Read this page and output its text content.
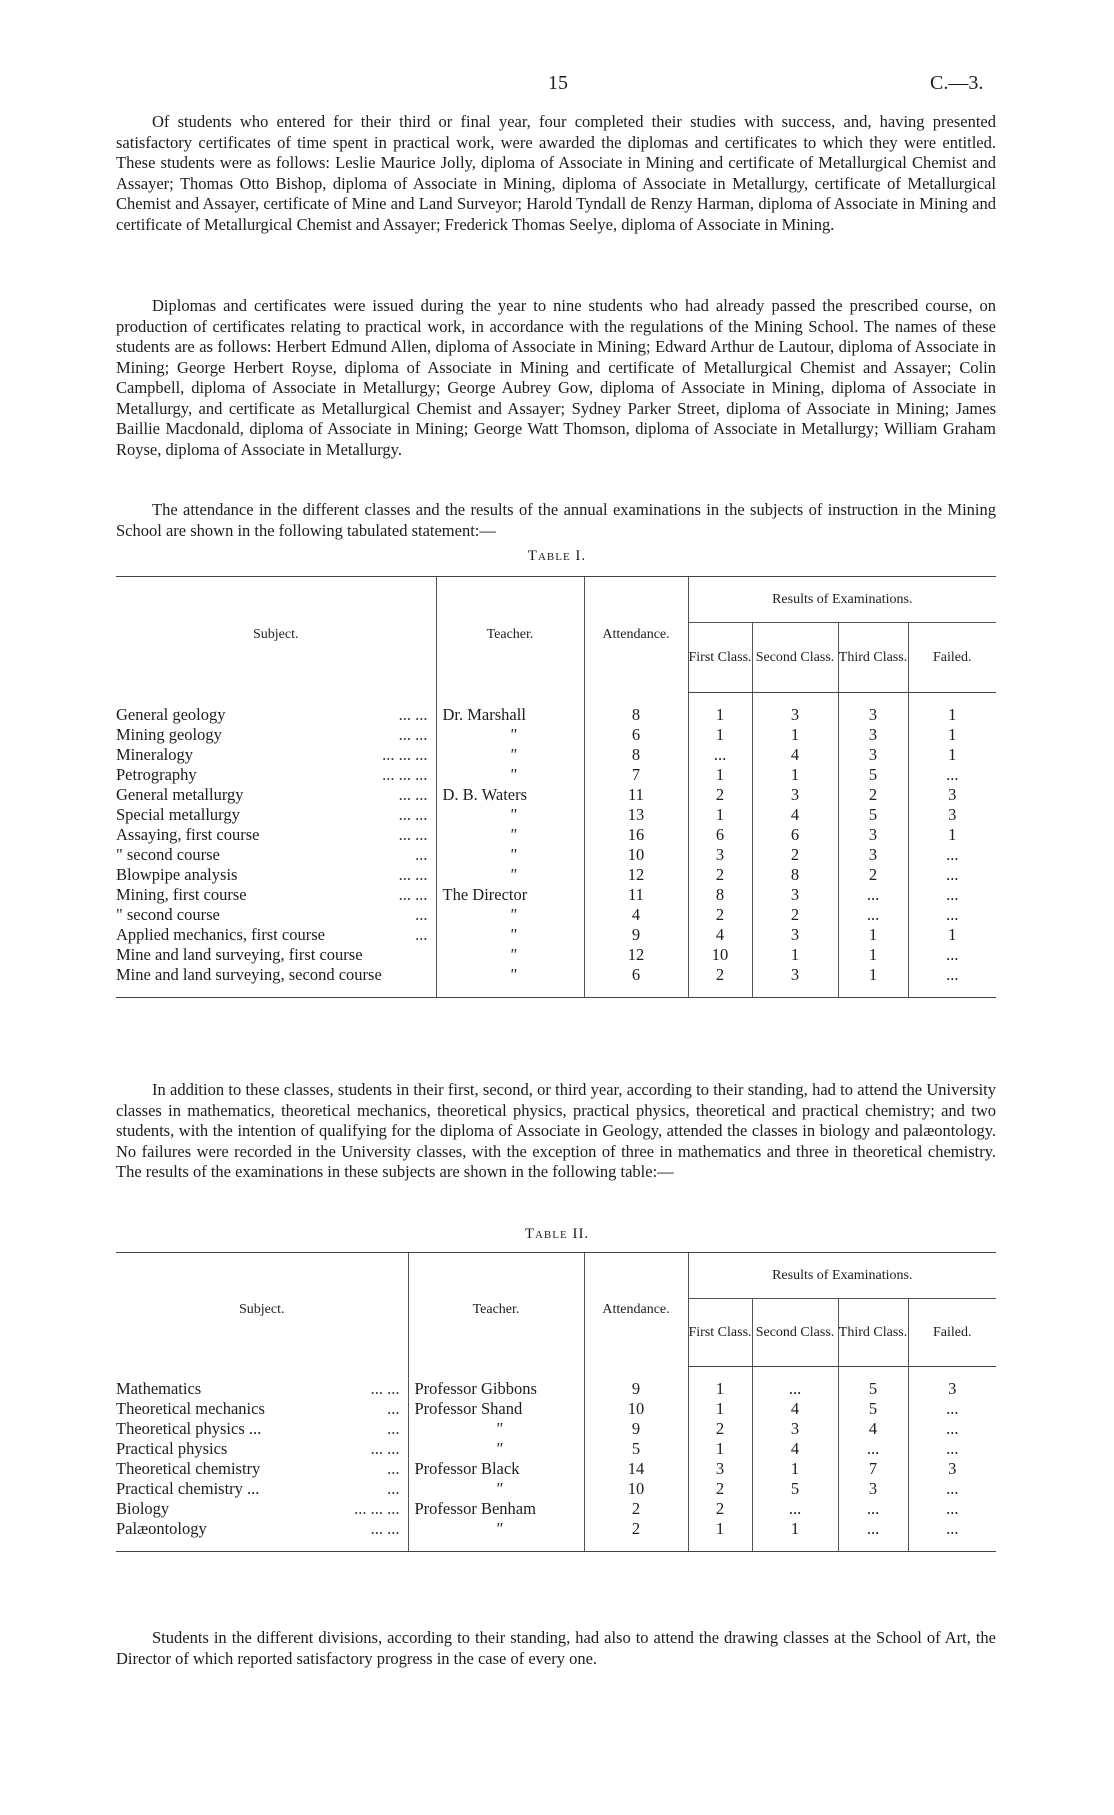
15	C.—3.

Of students who entered for their third or final year, four completed their studies with success, and, having presented satisfactory certificates of time spent in practical work, were awarded the diplomas and certificates to which they were entitled. These students were as follows: Leslie Maurice Jolly, diploma of Associate in Mining and certificate of Metallurgical Chemist and Assayer; Thomas Otto Bishop, diploma of Associate in Mining, diploma of Associate in Metallurgy, certificate of Metallurgical Chemist and Assayer, certificate of Mine and Land Surveyor; Harold Tyndall de Renzy Harman, diploma of Associate in Mining and certificate of Metallurgical Chemist and Assayer; Frederick Thomas Seelye, diploma of Associate in Mining.

Diplomas and certificates were issued during the year to nine students who had already passed the prescribed course, on production of certificates relating to practical work, in accordance with the regulations of the Mining School. The names of these students are as follows: Herbert Edmund Allen, diploma of Associate in Mining; Edward Arthur de Lautour, diploma of Associate in Mining; George Herbert Royse, diploma of Associate in Mining and certificate of Metallurgical Chemist and Assayer; Colin Campbell, diploma of Associate in Metallurgy; George Aubrey Gow, diploma of Associate in Mining, diploma of Associate in Metallurgy, and certificate as Metallurgical Chemist and Assayer; Sydney Parker Street, diploma of Associate in Mining; James Baillie Macdonald, diploma of Associate in Mining; George Watt Thomson, diploma of Associate in Metallurgy; William Graham Royse, diploma of Associate in Metallurgy.

The attendance in the different classes and the results of the annual examinations in the subjects of instruction in the Mining School are shown in the following tabulated statement:—

Table I.
Subject.	Teacher.	Attendance.	Results of Examinations.			
			First Class.	Second Class.	Third Class.	Failed.

General geology ... ...	Dr. Marshall	8	1	3	3	1
Mining geology ... ...	"	6	1	1	3	1
Mineralogy ... ... ...	"	8	...	4	3	1
Petrography ... ... ...	"	7	1	1	5	...
General metallurgy ... ...	D. B. Waters	11	2	3	2	3
Special metallurgy ... ...	"	13	1	4	5	3
Assaying, first course ... ...	"	16	6	6	3	1
" second course ...	"	10	3	2	3	...
Blowpipe analysis ... ...	"	12	2	8	2	...
Mining, first course ... ...	The Director	11	8	3	...	...
" second course ...	"	4	2	2	...	...
Applied mechanics, first course ...	"	9	4	3	1	1
Mine and land surveying, first course	"	12	10	1	1	...
Mine and land surveying, second course	"	6	2	3	1	...

In addition to these classes, students in their first, second, or third year, according to their standing, had to attend the University classes in mathematics, theoretical mechanics, theoretical physics, practical physics, theoretical and practical chemistry; and two students, with the intention of qualifying for the diploma of Associate in Geology, attended the classes in biology and palæontology. No failures were recorded in the University classes, with the exception of three in mathematics and three in theoretical chemistry. The results of the examinations in these subjects are shown in the following table:—

Table II.
Subject.	Teacher.	Attendance.	Results of Examinations.			
			First Class.	Second Class.	Third Class.	Failed.

Mathematics ... ...	Professor Gibbons	9	1	...	5	3
Theoretical mechanics ...	Professor Shand	10	1	4	5	...
Theoretical physics ... ...	"	9	2	3	4	...
Practical physics ... ...	"	5	1	4	...	...
Theoretical chemistry ...	Professor Black	14	3	1	7	3
Practical chemistry ... ...	"	10	2	5	3	...
Biology ... ... ...	Professor Benham	2	2	...	...	...
Palæontology ... ...	"	2	1	1	...	...

Students in the different divisions, according to their standing, had also to attend the drawing classes at the School of Art, the Director of which reported satisfactory progress in the case of every one.
